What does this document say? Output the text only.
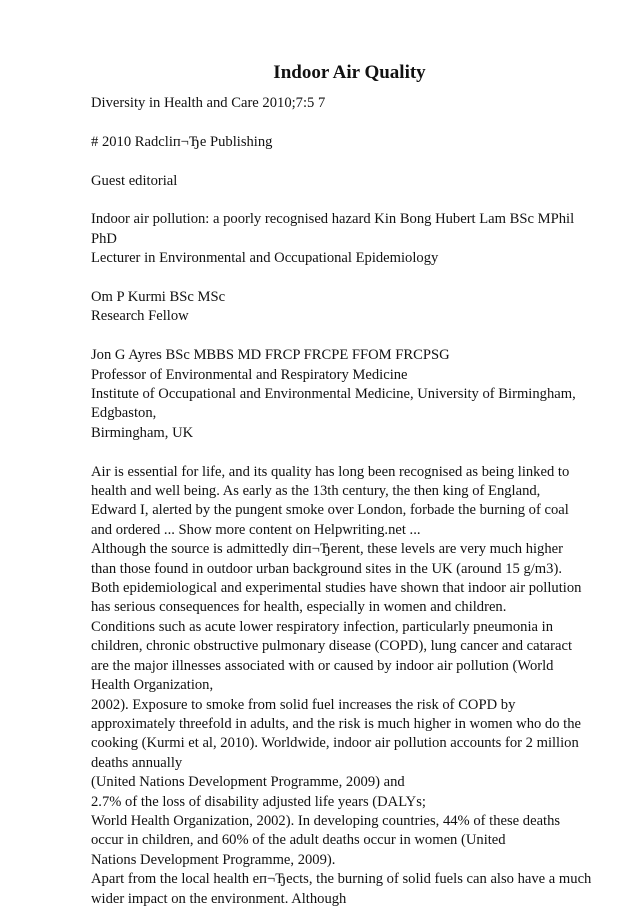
Indoor Air Quality
Diversity in Health and Care 2010;7:5 7
# 2010 Radcliп¬Ђe Publishing
Guest editorial
Indoor air pollution: a poorly recognised hazard Kin Bong Hubert Lam BSc MPhil
PhD
Lecturer in Environmental and Occupational Epidemiology
Om P Kurmi BSc MSc
Research Fellow
Jon G Ayres BSc MBBS MD FRCP FRCPE FFOM FRCPSG
Professor of Environmental and Respiratory Medicine
Institute of Occupational and Environmental Medicine, University of Birmingham,
Edgbaston,
Birmingham, UK
Air is essential for life, and its quality has long been recognised as being linked to
health and well being. As early as the 13th century, the then king of England,
Edward I, alerted by the pungent smoke over London, forbade the burning of coal
and ordered ... Show more content on Helpwriting.net ...
Although the source is admittedly diп¬Ђerent, these levels are very much higher
than those found in outdoor urban background sites in the UK (around 15 g/m3).
Both epidemiological and experimental studies have shown that indoor air pollution
has serious consequences for health, especially in women and children.
Conditions such as acute lower respiratory infection, particularly pneumonia in
children, chronic obstructive pulmonary disease (COPD), lung cancer and cataract
are the major illnesses associated with or caused by indoor air pollution (World
Health Organization,
2002). Exposure to smoke from solid fuel increases the risk of COPD by
approximately threefold in adults, and the risk is much higher in women who do the
cooking (Kurmi et al, 2010). Worldwide, indoor air pollution accounts for 2 million
deaths annually
(United Nations Development Programme, 2009) and
2.7% of the loss of disability adjusted life years (DALYs;
World Health Organization, 2002). In developing countries, 44% of these deaths
occur in children, and 60% of the adult deaths occur in women (United
Nations Development Programme, 2009).
Apart from the local health eп¬Ђects, the burning of solid fuels can also have a much
wider impact on the environment. Although
